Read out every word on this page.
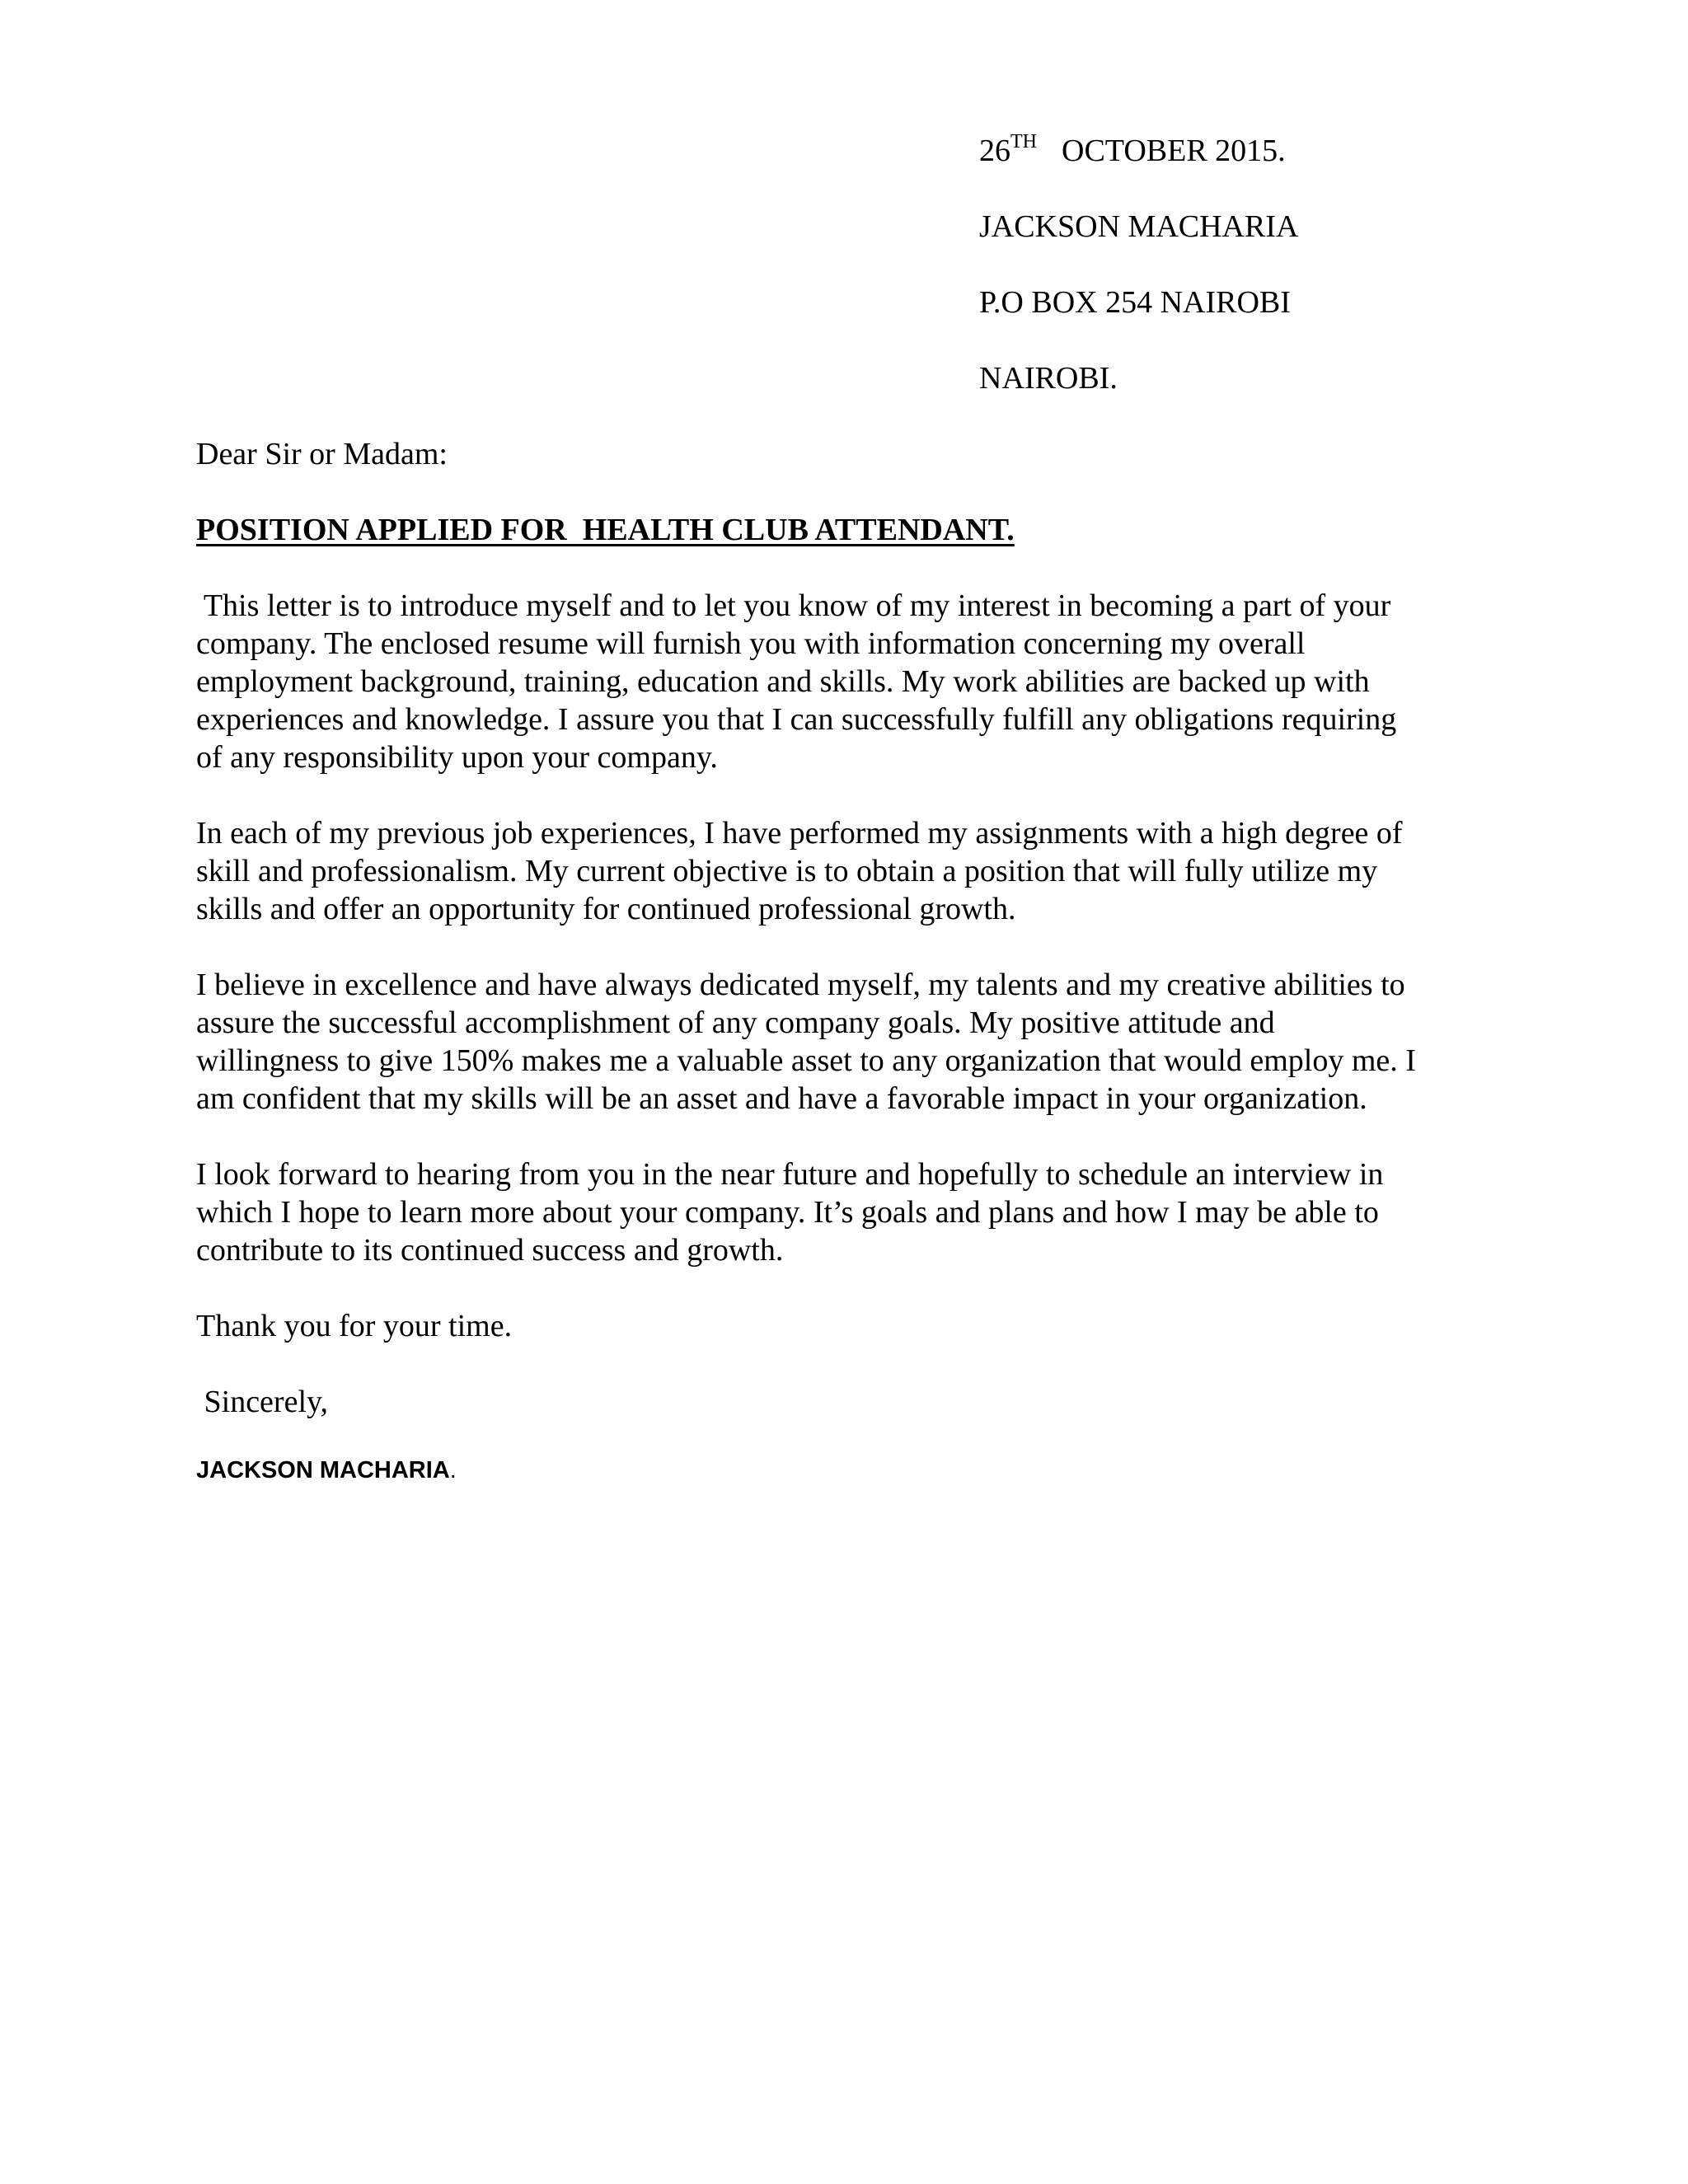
26TH OCTOBER 2015.

JACKSON MACHARIA

P.O BOX 254 NAIROBI

NAIROBI.

Dear Sir or Madam:

POSITION APPLIED FOR  HEALTH CLUB ATTENDANT.

This letter is to introduce myself and to let you know of my interest in becoming a part of your
company. The enclosed resume will furnish you with information concerning my overall
employment background, training, education and skills. My work abilities are backed up with
experiences and knowledge. I assure you that I can successfully fulfill any obligations requiring
of any responsibility upon your company.
In each of my previous job experiences, I have performed my assignments with a high degree of
skill and professionalism. My current objective is to obtain a position that will fully utilize my
skills and offer an opportunity for continued professional growth.
I believe in excellence and have always dedicated myself, my talents and my creative abilities to
assure the successful accomplishment of any company goals. My positive attitude and
willingness to give 150% makes me a valuable asset to any organization that would employ me. I
am confident that my skills will be an asset and have a favorable impact in your organization.
I look forward to hearing from you in the near future and hopefully to schedule an interview in
which I hope to learn more about your company. It’s goals and plans and how I may be able to
contribute to its continued success and growth.

Thank you for your time.

Sincerely,

JACKSON MACHARIA.
